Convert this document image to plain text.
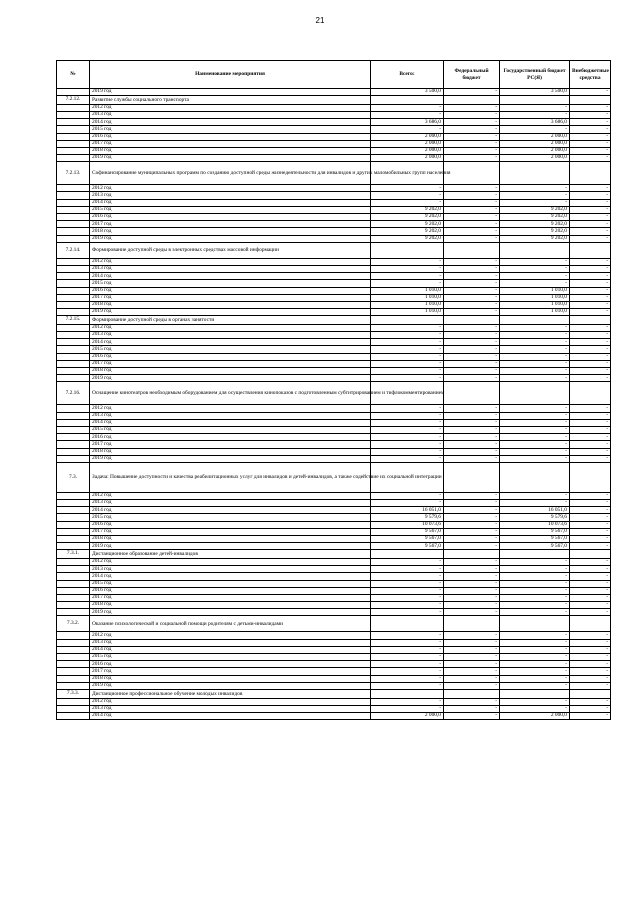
21
№	Наименование мероприятия	Всего:	Федеральный бюджет	Государственный бюджет РС(Я)	Внебюджетные средства
	2019 год	3 500,0	-	3 500,0	-
7.2.12.	Развитие службы социального транспорта				
	2012 год	-	-	-	-
	2013 год	-	-	-	-
	2014 год	3 686,0	-	3 686,0	-
	2015 год	-	-	-	-
	2016 год	2 000,0	-	2 000,0	-
	2017 год	2 000,0	-	2 000,0	-
	2018 год	2 000,0	-	2 000,0	-
	2019 год	2 000,0	-	2 000,0	-
7.2.13.	Софинансирование муниципальных программ по созданию доступной среды жизнедеятельности для инвалидов и других маломобильных групп населения				
	2012 год	-	-	-	-
	2013 год	-	-	-	-
	2014 год	-	-	-	-
	2015 год	9 202,0	-	9 202,0	-
	2016 год	9 202,0	-	9 202,0	-
	2017 год	9 202,0	-	9 202,0	-
	2018 год	9 202,0	-	9 202,0	-
	2019 год	9 202,0	-	9 202,0	-
7.2.14.	Формирование доступной среды в электронных средствах массовой информации				
	2012 год	-	-	-	-
	2013 год	-	-	-	-
	2014 год	-	-	-	-
	2015 год	-	-	-	-
	2016 год	1 010,0	-	1 010,0	-
	2017 год	1 010,0	-	1 010,0	-
	2018 год	1 010,0	-	1 010,0	-
	2019 год	1 010,0	-	1 010,0	-
7.2.15.	Формирование доступной среды в органах занятости				
	2012 год	-	-	-	-
	2013 год	-	-	-	-
	2014 год	-	-	-	-
	2015 год	-	-	-	-
	2016 год	-	-	-	-
	2017 год	-	-	-	-
	2018 год	-	-	-	-
	2019 год	-	-	-	-
7.2.16.	Оснащение кинотеатров необходимым оборудованием для осуществления кинопоказов с подготовленным субтитрированием и тифлокомментированием				
	2012 год	-	-	-	-
	2013 год	-	-	-	-
	2014 год	-	-	-	-
	2015 год	-	-	-	-
	2016 год	-	-	-	-
	2017 год	-	-	-	-
	2018 год	-	-	-	-
	2019 год	-	-	-	-
7.3.	Задача: Повышение доступности и качества реабилитационных услуг для инвалидов и детей-инвалидов, а также содействие их социальной интеграции				
	2012 год	-	-	-	-
	2013 год	-	-	-	-
	2014 год	16 051,0	-	16 051,0	-
	2015 год	9 579,6	-	9 579,6	-
	2016 год	10 073,6	-	10 073,6	-
	2017 год	9 567,0	-	9 567,0	-
	2018 год	9 567,0	-	9 567,0	-
	2019 год	9 567,0	-	9 567,0	-
7.3.1.	Дистанционное образование детей-инвалидов				
	2012 год	-	-	-	-
	2013 год	-	-	-	-
	2014 год	-	-	-	-
	2015 год	-	-	-	-
	2016 год	-	-	-	-
	2017 год	-	-	-	-
	2018 год	-	-	-	-
	2019 год	-	-	-	-
7.3.2.	Оказание психологической и социальной помощи родителям с детьми-инвалидами				
	2012 год	-	-	-	-
	2013 год	-	-	-	-
	2014 год	-	-	-	-
	2015 год	-	-	-	-
	2016 год	-	-	-	-
	2017 год	-	-	-	-
	2018 год	-	-	-	-
	2019 год	-	-	-	-
7.3.3.	Дистанционное профессиональное обучение молодых инвалидов				
	2012 год	-	-	-	-
	2013 год	-	-	-	-
	2014 год	2 000,0	-	2 000,0	-
